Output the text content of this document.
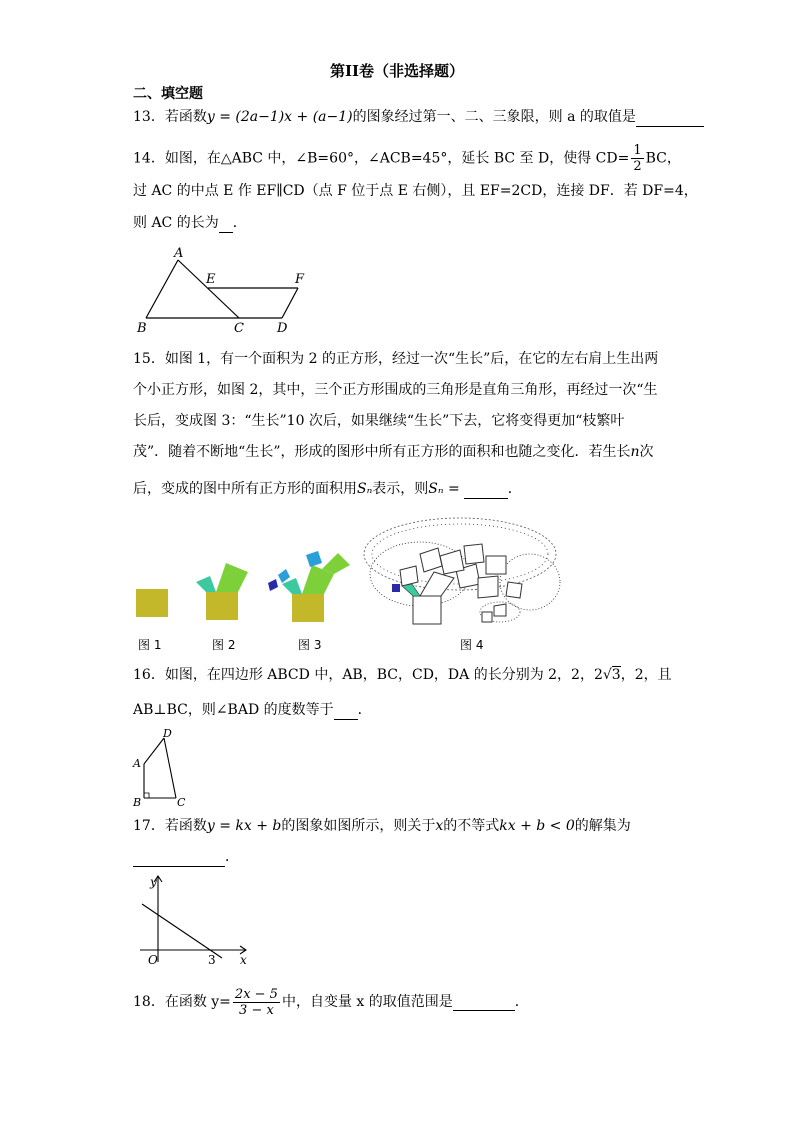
第II卷（非选择题）
二、填空题
13．若函数y = (2a−1)x + (a−1)的图象经过第一、二、三象限，则 a 的取值是
14．如图，在△ABC 中，∠B=60°，∠ACB=45°，延长 BC 至 D，使得 $CD= \frac{1}{2}$ BC，
过 AC 的中点 E 作 EF∥CD（点 F 位于点 E 右侧），且 EF=2CD，连接 DF．若 DF=4，
则 AC 的长为 ．
A
B	C	D
E	F
15．如图 1，有一个面积为 2 的正方形，经过一次“生长”后，在它的左右肩上生出两
个小正方形，如图 2，其中，三个正方形围成的三角形是直角三角形，再经过一次“生
长后，变成图 3：“生长”10 次后，如果继续“生长”下去，它将变得更加“枝繁叶
茂”．随着不断地“生长”，形成的图形中所有正方形的面积和也随之变化．若生长n次
后，变成的图中所有正方形的面积用Sₙ表示，则Sₙ =	．
图 1	图 2	图 3	图 4
16．如图，在四边形 ABCD 中，AB，BC，CD，DA 的长分别为 2，2，2√3，2，且
AB⊥BC，则∠BAD 的度数等于 ．
A
B	C
D
17．若函数y = kx + b的图象如图所示，则关于x的不等式kx + b < 0的解集为
．
y
x
O	3
18．在函数 $y= \frac{2x - 5}{3 - x}$ 中，自变量 x 的取值范围是	．
